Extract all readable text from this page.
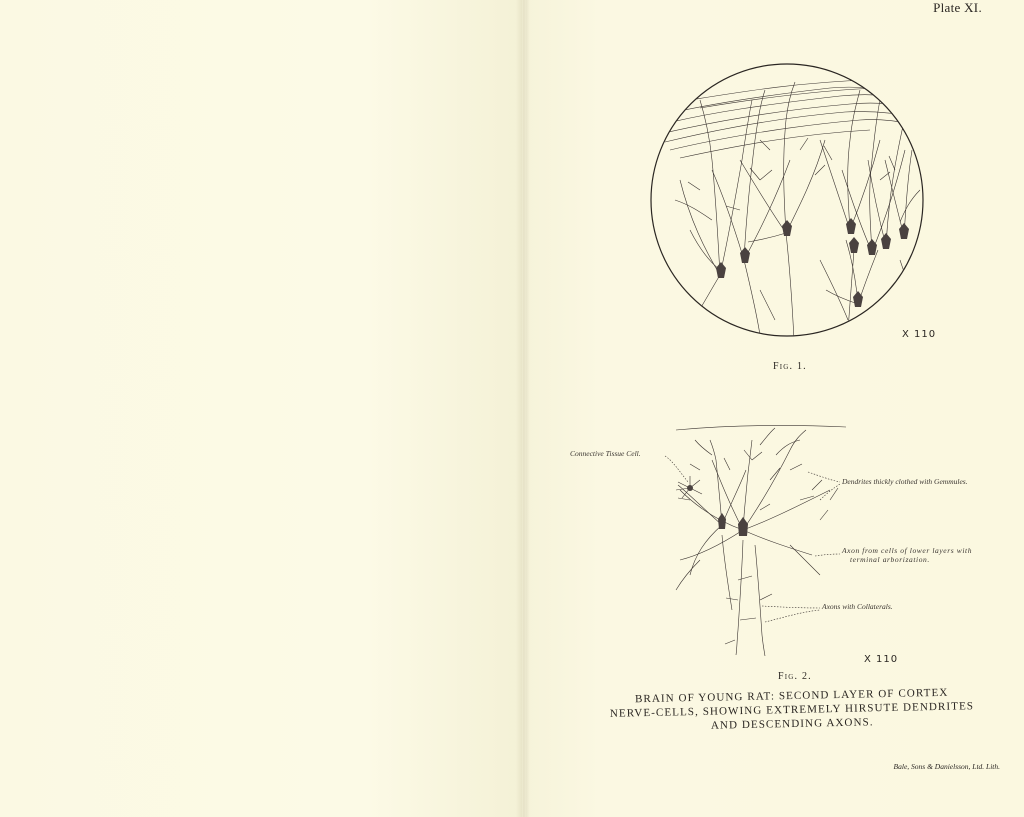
Plate XI.
X 110
Fig. 1.
Connective Tissue Cell.
Dendrites thickly clothed with Gemmules.
Axon from cells of lower layers with
terminal arborization.
Axons with Collaterals.
X 110
Fig. 2.
BRAIN OF YOUNG RAT: SECOND LAYER OF CORTEX
NERVE-CELLS, SHOWING EXTREMELY HIRSUTE DENDRITES
AND DESCENDING AXONS.
Bale, Sons & Danielsson, Ltd. Lith.
